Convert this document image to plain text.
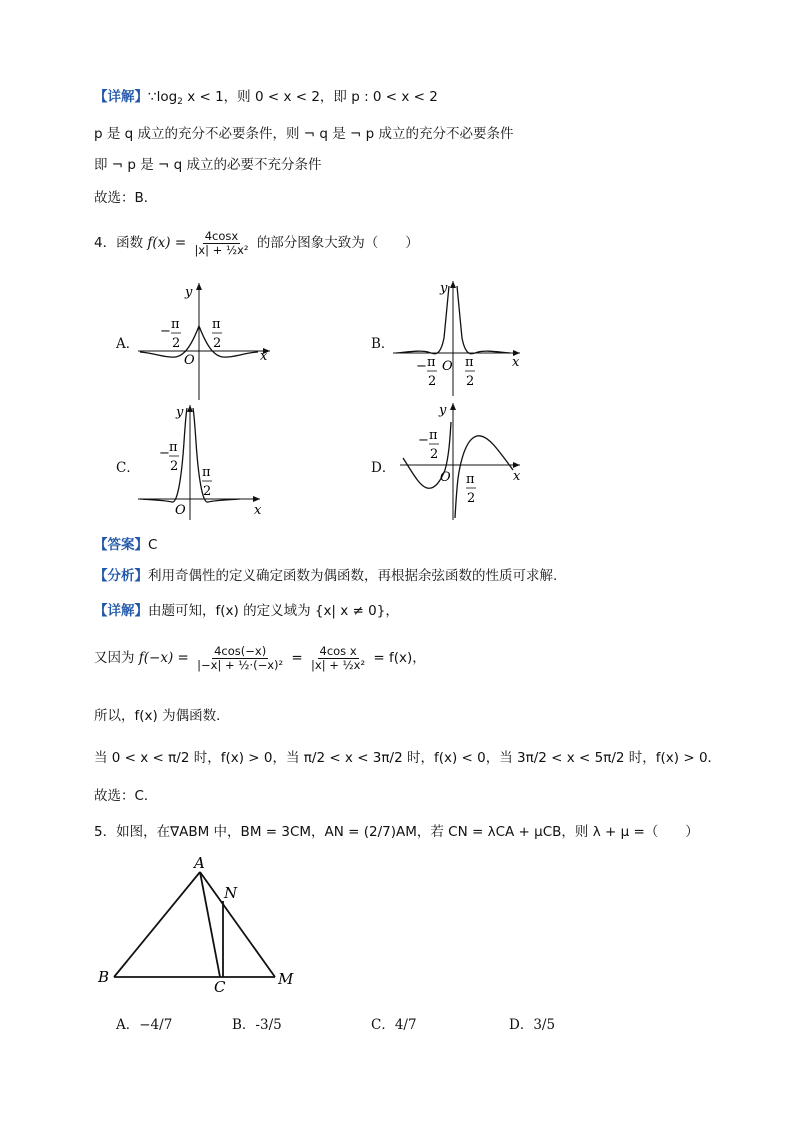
【详解】$\because\log_2$ x < 1，则 0 < x < 2，即 p : 0 < x < 2
p 是 q 成立的充分不必要条件，则 ¬ q 是 ¬ p 成立的充分不必要条件
即 ¬ p 是 ¬ q 成立的必要不充分条件
故选：B．
4．函数 $f(x) = \frac{4\cos x}{\text{|x| + ½x²}}$ 的部分图象大致为（　　）
A．	B．
C．	D．
y
x
O
− π
2
π
2
y
x
O
− π
2
π
2
y
x
O
− π
2 π
2
y
x
O
− π
2
π
2
【答案】C
【分析】利用奇偶性的定义确定函数为偶函数，再根据余弦函数的性质可求解.
【详解】由题可知，f(x) 的定义域为 {x| x ≠ 0}，
又因为 $f(-x) = \frac{4\cos(-x)}{\text{|−x| + ½·(−x)²}} = \frac{\text{4cos x}}{\text{|x| + ½x²}} = f(x)$，
所以，f(x) 为偶函数．
当 0 < x < π/2 时，f(x) > 0，当 π/2 < x < 3π/2 时，f(x) < 0，当 3π/2 < x < 5π/2 时，f(x) > 0．
故选：C．
5．如图，在∇ABM 中，BM = 3CM，AN = (2/7)AM，若 CN = λCA + μCB，则 λ + μ =（　　）
A
N
B
C	M
A．−4/7	B．-3/5	C．4/7	D．3/5
